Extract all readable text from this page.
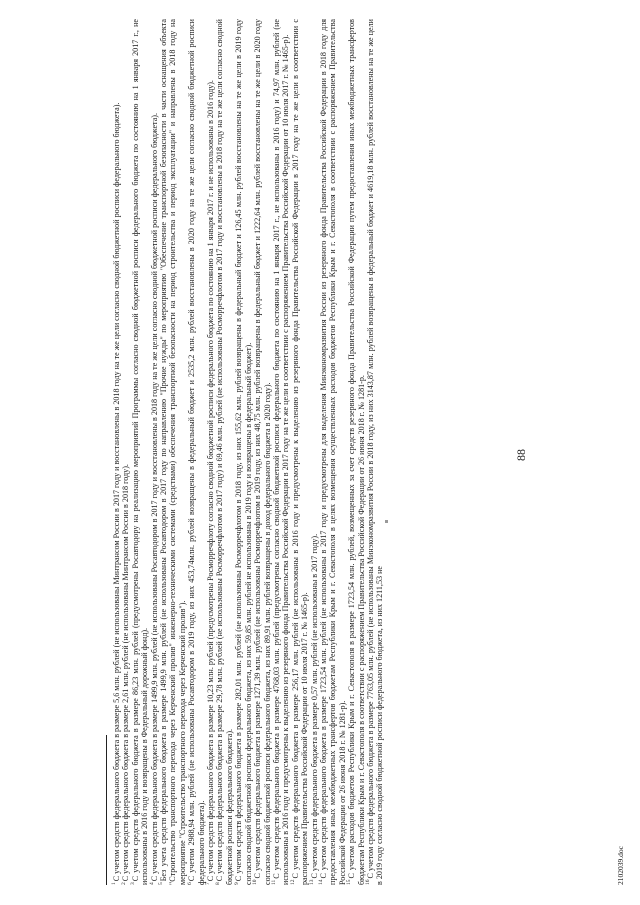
88

$^1$С учетом средств федерального бюджета в размере 5,6 млн. рублей (не использованы Минтрансом России в 2017 году и восстановлены в 2018 году на те же цели согласно сводной бюджетной росписи федерального бюджета).

$^2$С учетом средств федерального бюджета в размере 2,61 млн. рублей (не использованы Минтрансом России в 2018 году).

$^3$С учетом средств федерального бюджета в размере 86,23 млн. рублей (предусмотрены Росавтодору на реализацию мероприятий Программы согласно сводной бюджетной росписи федерального бюджета по состоянию на 1 января 2017 г., не использованы в 2016 году и возвращены в Федеральный дорожный фонд). $^4$С учетом средств федерального бюджета в размере 1499,9 млн. рублей (не использованы Росавтодором в 2017 году и восстановлены в 2018 году на те же цели согласно сводной бюджетной росписи федерального бюджета).

$^5$Без учета средств федерального бюджета в размере 1499,9 млн. рублей (не использованы Росавтодором в 2017 году по направлению "Прочие нужды" по мероприятию "Обеспечение транспортной безопасности в части оснащения объекта "Строительство транспортного перехода через Керченский пролив" инженерно-техническими системами (средствами) обеспечения транспортной безопасности на период строительства и период эксплуатации" и направлены в 2018 году на мероприятие "Строительство транспортного перехода через Керченский пролив"). $^6$С учетом 2988,94 млн. рублей (не использованы Росавтодором в 2019 году, из них 453,74млн. рублей возвращены в федеральный бюджет и 2535,2 млн. рублей восстановлены в 2020 году на те же цели согласно сводной бюджетной росписи федерального бюджета). $^7$С учетом средств федерального бюджета в размере 10,23 млн. рублей (предусмотрены Росморречфлоту согласно сводной бюджетной росписи федерального бюджета по состоянию на 1 января 2017 г. и не использованы в 2016 году).

$^8$С учетом средств федерального бюджета в размере 29,78 млн. рублей (не использованы Росморречфлотом в 2017 году) и 69,46 млн. рублей (не использованы Росморречфлотом в 2017 году и восстановлены в 2018 году на те же цели согласно сводной бюджетной росписи федерального бюджета). $^9$С учетом средств федерального бюджета в размере 282,01 млн. рублей (не использованы Росморречфлотом в 2018 году, из них 155,62 млн. рублей возвращены в федеральный бюджет и 126,45 млн. рублей восстановлены на те же цели в 2019 году согласно сводной бюджетной росписи федерального бюджета, из них 59,85 млн. рублей не использованы в 2019 году и возвращены в федеральный бюджет). $^{10}$С учетом средств федерального бюджета в размере 1271,39 млн. рублей (не использованы Росморречфлотом в 2019 году, из них 48,75 млн. рублей возвращены в федеральный бюджет и 1222,64 млн. рублей восстановлены на те же цели в 2020 году согласно сводной бюджетной росписи федерального бюджета, из них 89,91 млн. рублей возвращены в доход федерального бюджета в 2020 году). $^{11}$С учетом средств федерального бюджета в размере 4768,03 млн. рублей (предусмотрены согласно сводной бюджетной росписи федерального бюджета по состоянию на 1 января 2017 г., не использованы в 2016 году) и 74,97 млн. рублей (не использованы в 2016 году и предусмотрены к выделению из резервного фонда Правительства Российской Федерации в 2017 году на те же цели в соответствии с распоряжением Правительства Российской Федерации от 10 июля 2017 г. № 1465-р). $^{12}$С учетом средств федерального бюджета в размере 256,17 млн. рублей (не использованы в 2016 году и предусмотрены к выделению из резервного фонда Правительства Российской Федерации в 2017 году на те же цели в соответствии с распоряжением Правительства Российской Федерации от 10 июля 2017 г. № 1465-р). $^{13}$С учетом средств федерального бюджета в размере 0,57 млн. рублей (не использованы в 2017 году).

$^{14}$С учетом средств федерального бюджета в размере 1723,54 млн. рублей (не использованы в 2017 году и предусмотрены для выделения Минэкономразвития России из резервного фонда Правительства Российской Федерации в 2018 году для предоставления иных межбюджетных трансфертов бюджетам Республики Крым и г. Севастополя в целях возмещения осуществленных расходов бюджетов Республики Крым и г. Севастополя в соответствии с распоряжением Правительства Российской Федерации от 26 июня 2018 г. № 1281-р). $^{15}$С учетом расходов бюджетов Республики Крым и г. Севастополя в размере 1723,54 млн. рублей, возмещенных за счет средств резервного фонда Правительства Российской Федерации путем предоставления иных межбюджетных трансфертов бюджетам Республики Крым и г. Севастополя в соответствии с распоряжением Правительства Российской Федерации от 26 июня 2018 г. № 1281-р. $^{16}$С учетом средств федерального бюджета в размере 7763,05 млн. рублей (не использованы Минэкономразвития России в 2018 году, из них 3143,87 млн. рублей возвращены в федеральный бюджет и 4619,18 млн. рублей восстановлены на те же цели в 2019 году согласно сводной бюджетной росписи федерального бюджета, из них 1211,53 не	2102039.doc
